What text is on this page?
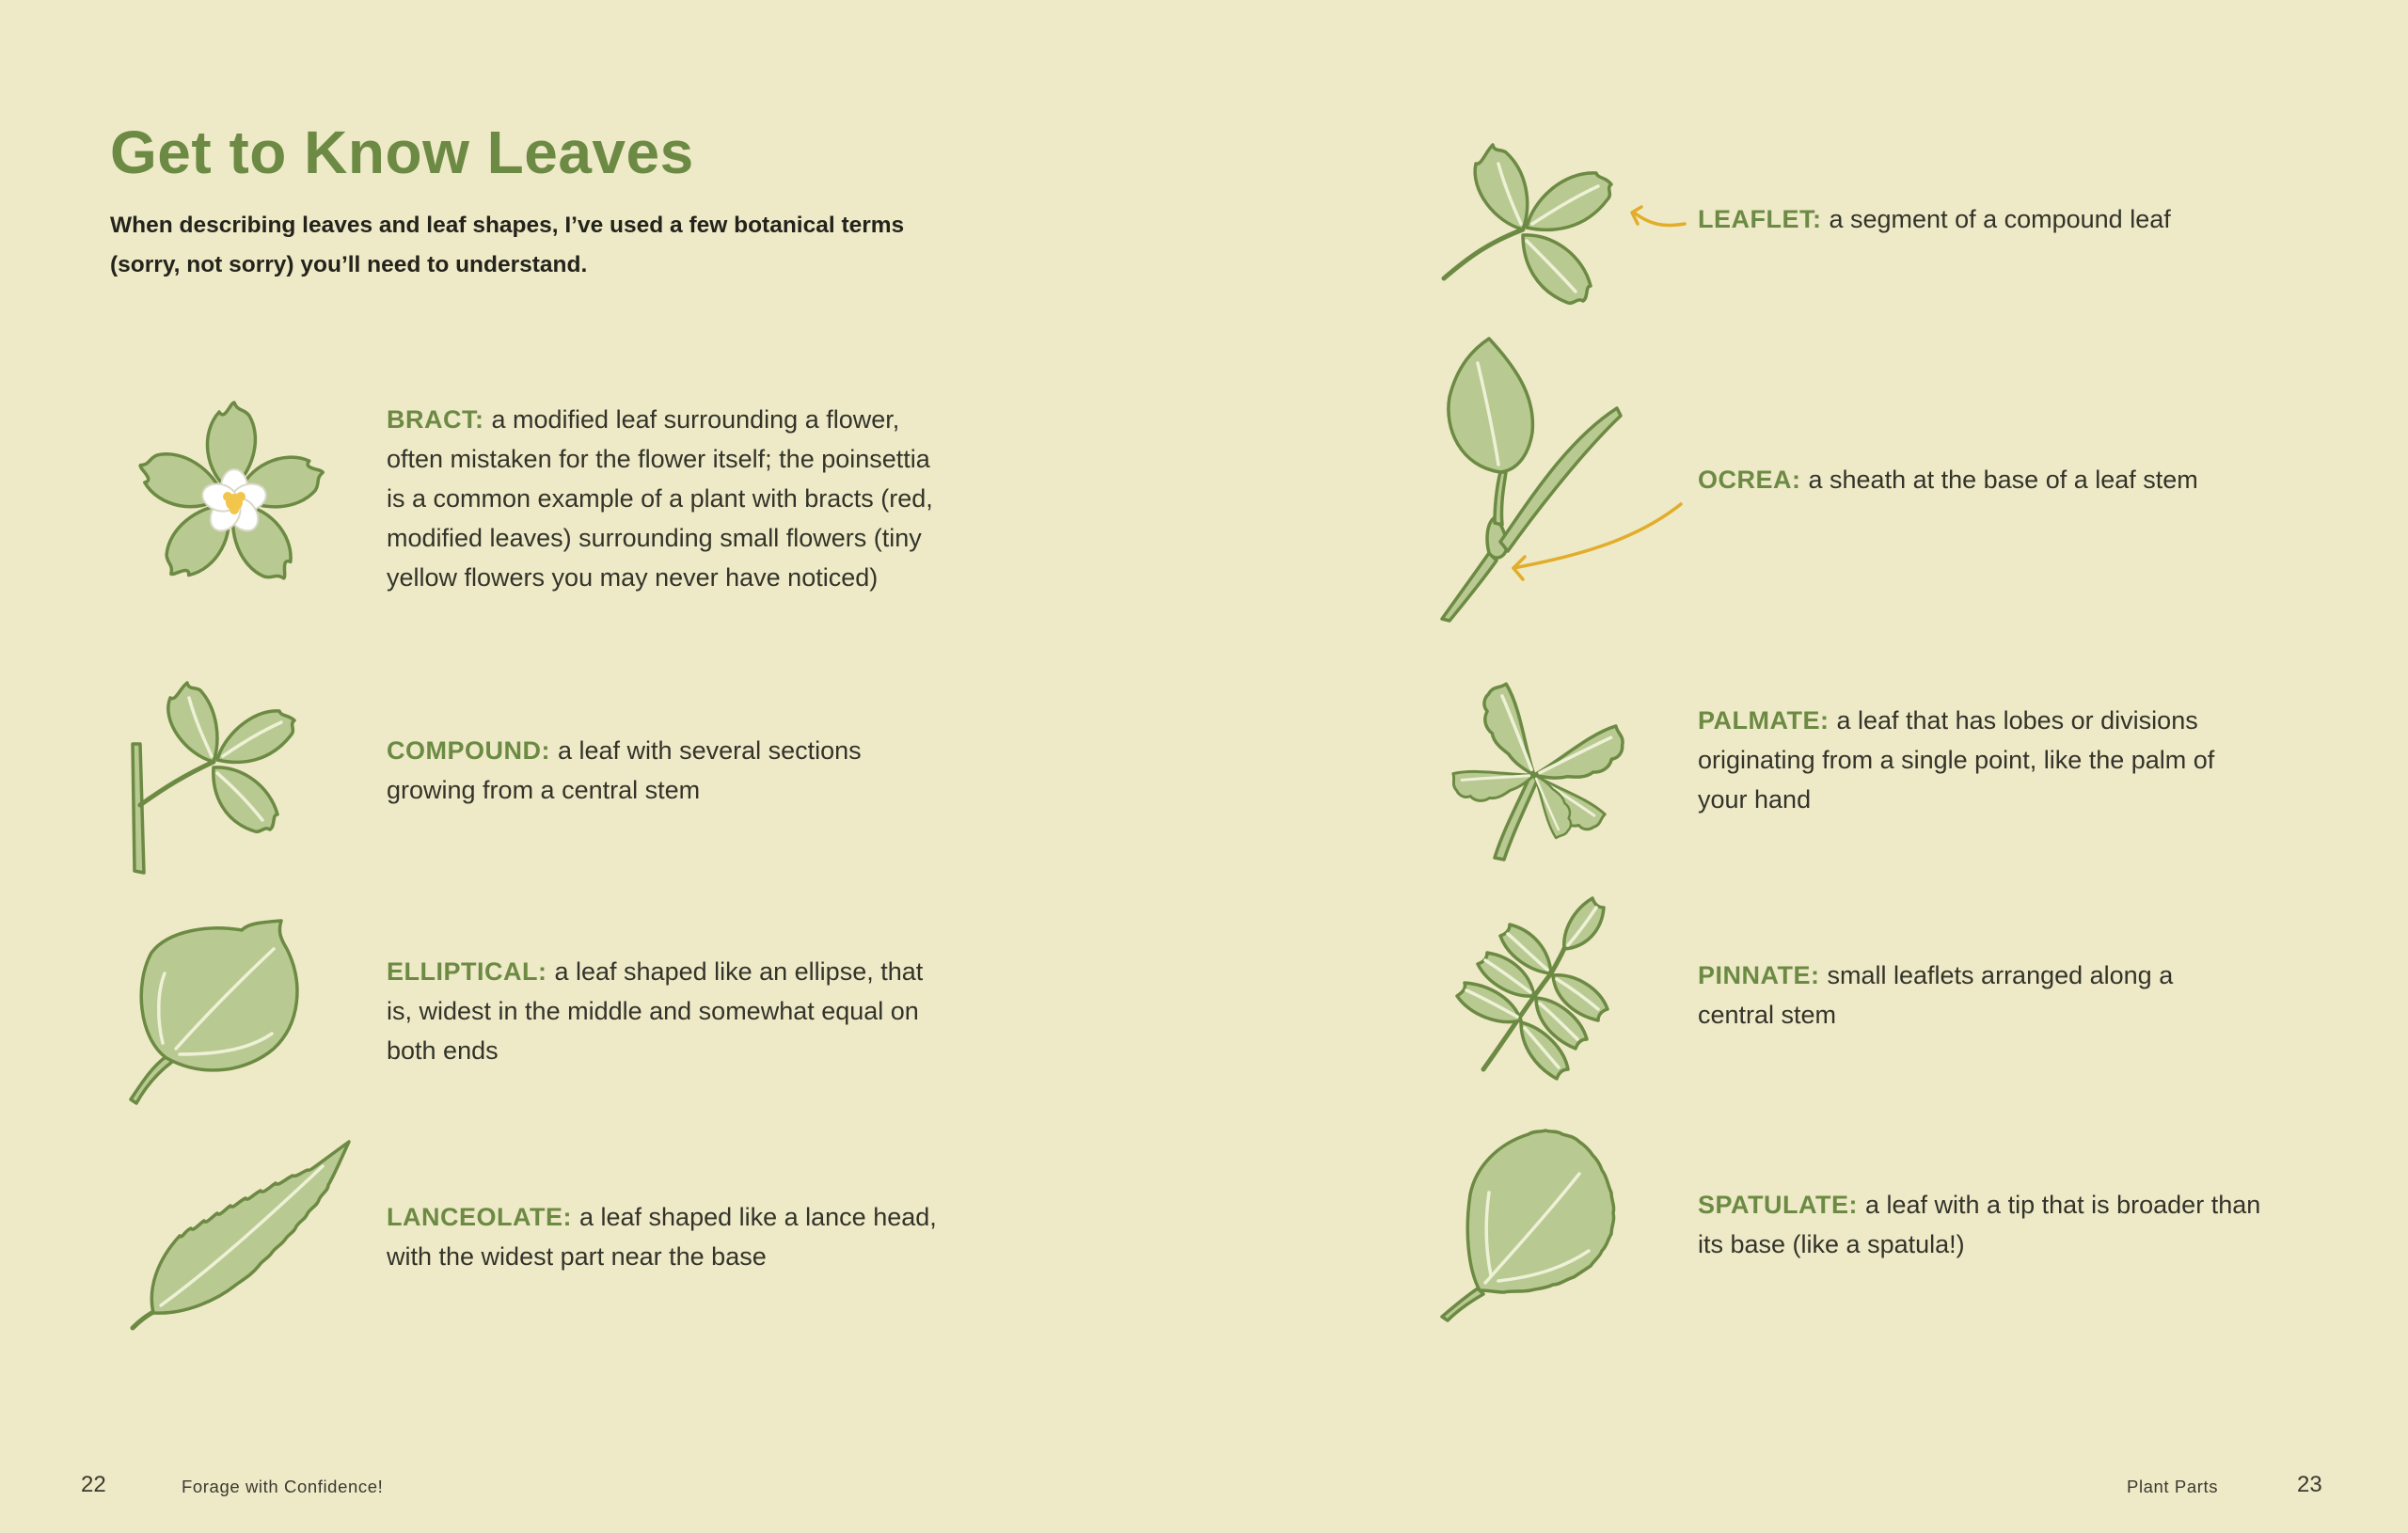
Get to Know Leaves

When describing leaves and leaf shapes, I’ve used a few botanical terms (sorry, not sorry) you’ll need to understand.

BRACT: a modified leaf surrounding a flower, often mistaken for the flower itself; the poinsettia is a common example of a plant with bracts (red, modified leaves) surrounding small flowers (tiny yellow flowers you may never have noticed)

COMPOUND: a leaf with several sections growing from a central stem

ELLIPTICAL: a leaf shaped like an ellipse, that is, widest in the middle and somewhat equal on both ends

LANCEOLATE: a leaf shaped like a lance head, with the widest part near the base

22	Forage with Confidence!

LEAFLET: a segment of a compound leaf

OCREA: a sheath at the base of a leaf stem

PALMATE: a leaf that has lobes or divisions originating from a single point, like the palm of your hand

PINNATE: small leaflets arranged along a central stem

SPATULATE: a leaf with a tip that is broader than its base (like a spatula!)

Plant Parts	23
